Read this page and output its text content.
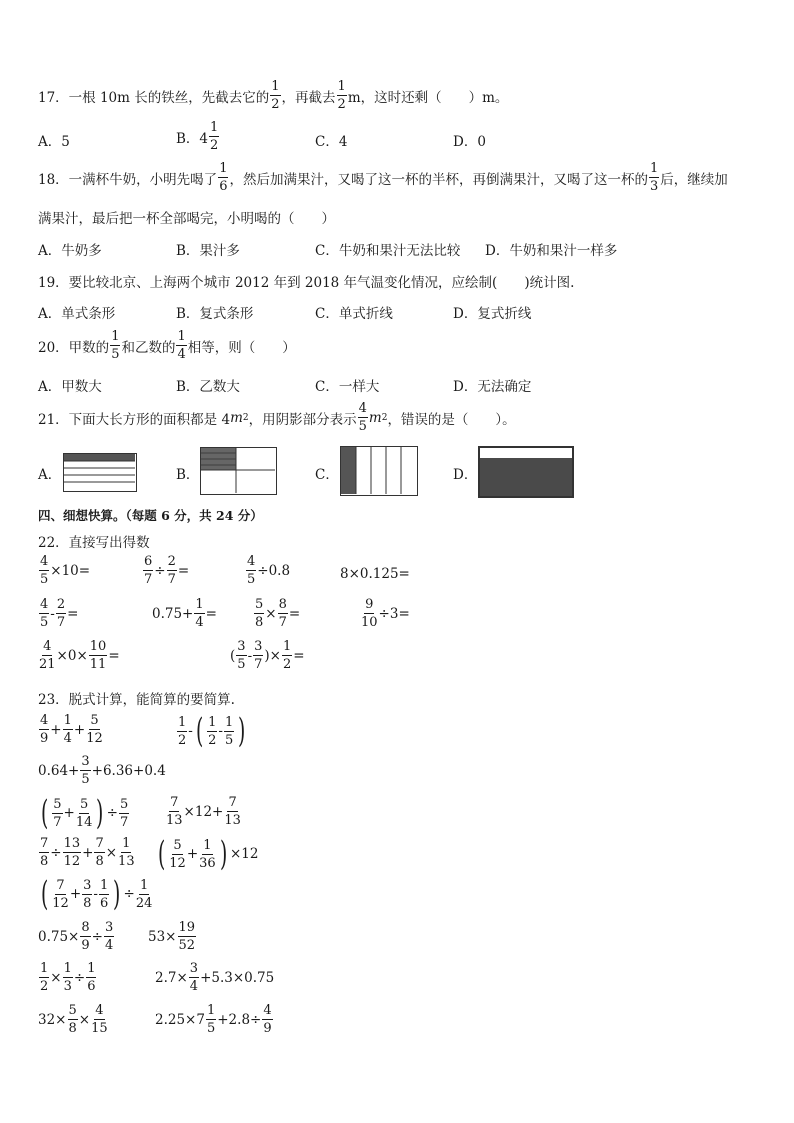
17．一根 10m 长的铁丝，先截去它的 $\frac{1}{2}$ ，再截去 $\frac{1}{2}$ m，这时还剩（　　）m。
A．5	B．$4 \frac{1}{2}$	C．4	D．0
18．一满杯牛奶，小明先喝了 $\frac{1}{6}$ ，然后加满果汁，又喝了这一杯的半杯，再倒满果汁，又喝了这一杯的 $\frac{1}{3}$ 后，继续加
满果汁，最后把一杯全部喝完，小明喝的（　　）
A．牛奶多	B．果汁多	C．牛奶和果汁无法比较 D．牛奶和果汁一样多
19．要比较北京、上海两个城市 2012 年到 2018 年气温变化情况，应绘制(　　)统计图.
A．单式条形	B．复式条形	C．单式折线	D．复式折线
20．甲数的 $\frac{1}{5}$ 和乙数的 $\frac{1}{4}$ 相等，则（　　）
A．甲数大	B．乙数大	C．一样大	D．无法确定
21．下面大长方形的面积都是 4 m 2 ，用阴影部分表示 $\frac{4}{5}$ m 2 ，错误的是（　　）。
A．	B．	C．	D．
四、细想快算。（每题 6 分，共 24 分）
22．直接写出得数
$\frac{4}{5} \times 10=$	$\frac{6}{7} \div \frac{2}{7}$ =	$\frac{4}{5} \div 0.8$	8×0.125=
$\frac{4}{5} - \frac{2}{7}$ =	$0.75+ \frac{1}{4}$ =	$\frac{5}{8} \times \frac{8}{7}$ =	$\frac{9}{10} \div 3=$
$\frac{4}{21} \times 0\times \frac{10}{11}$ =	( $\frac{3}{5} - \frac{3}{7}$ )× $\frac{1}{2}$ =
23．脱式计算，能简算的要简算.
$\frac{4}{9} + \frac{1}{4} + \frac{5}{12}$	$\frac{1}{2}$ - ( $\frac{1}{2} - \frac{1}{5}$ )
$0.64+ \frac{3}{5} +6.36+0.4$
( $\frac{5}{7} + \frac{5}{14}$ ) ÷ $\frac{5}{7}$	$\frac{7}{13} \times 12+ \frac{7}{13}$
$\frac{7}{8} \div \frac{13}{12} + \frac{7}{8} \times \frac{1}{13}$ ( $\frac{5}{12} + \frac{1}{36}$ ) ×12
( $\frac{7}{12} + \frac{3}{8} - \frac{1}{6}$ ) ÷ $\frac{1}{24}$
$0.75\times \frac{8}{9} \div \frac{3}{4}$	$53\times \frac{19}{52}$
$\frac{1}{2} \times \frac{1}{3} \div \frac{1}{6}$	$2.7\times \frac{3}{4} +5.3\times 0.75$
$32\times \frac{5}{8} \times \frac{4}{15}$	$2.25\times 7 \frac{1}{5} +2.8\div \frac{4}{9}$
